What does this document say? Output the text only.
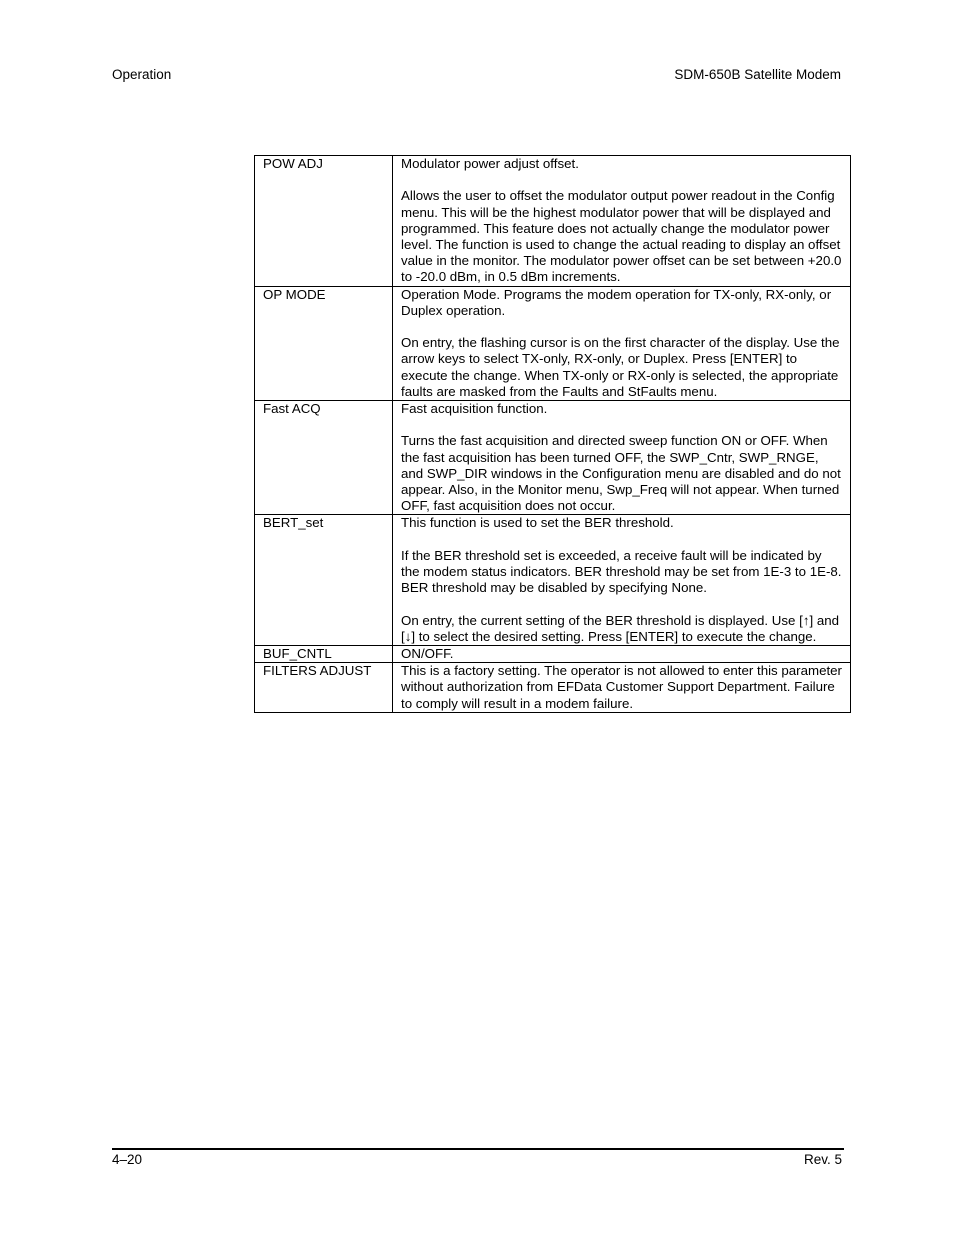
Operation	SDM-650B Satellite Modem
POW ADJ	Modulator power adjust offset.

Allows the user to offset the modulator output power readout in the Config menu. This will be the highest modulator power that will be displayed and programmed. This feature does not actually change the modulator power level. The function is used to change the actual reading to display an offset value in the monitor. The modulator power offset can be set between +20.0 to -20.0 dBm, in 0.5 dBm increments.

OP MODE	Operation Mode. Programs the modem operation for TX-only, RX-only, or Duplex operation.

On entry, the flashing cursor is on the first character of the display. Use the arrow keys to select TX-only, RX-only, or Duplex. Press [ENTER] to execute the change. When TX-only or RX-only is selected, the appropriate faults are masked from the Faults and StFaults menu.

Fast ACQ	Fast acquisition function.

Turns the fast acquisition and directed sweep function ON or OFF. When the fast acquisition has been turned OFF, the SWP_Cntr, SWP_RNGE, and SWP_DIR windows in the Configuration menu are disabled and do not appear. Also, in the Monitor menu, Swp_Freq will not appear. When turned OFF, fast acquisition does not occur.

BERT_set	This function is used to set the BER threshold.

If the BER threshold set is exceeded, a receive fault will be indicated by the modem status indicators. BER threshold may be set from 1E-3 to 1E-8. BER threshold may be disabled by specifying None.

On entry, the current setting of the BER threshold is displayed. Use [↑] and [↓] to select the desired setting. Press [ENTER] to execute the change.

BUF_CNTL	ON/OFF.

FILTERS ADJUST	This is a factory setting. The operator is not allowed to enter this parameter without authorization from EFData Customer Support Department. Failure to comply will result in a modem failure.

4–20	Rev. 5
